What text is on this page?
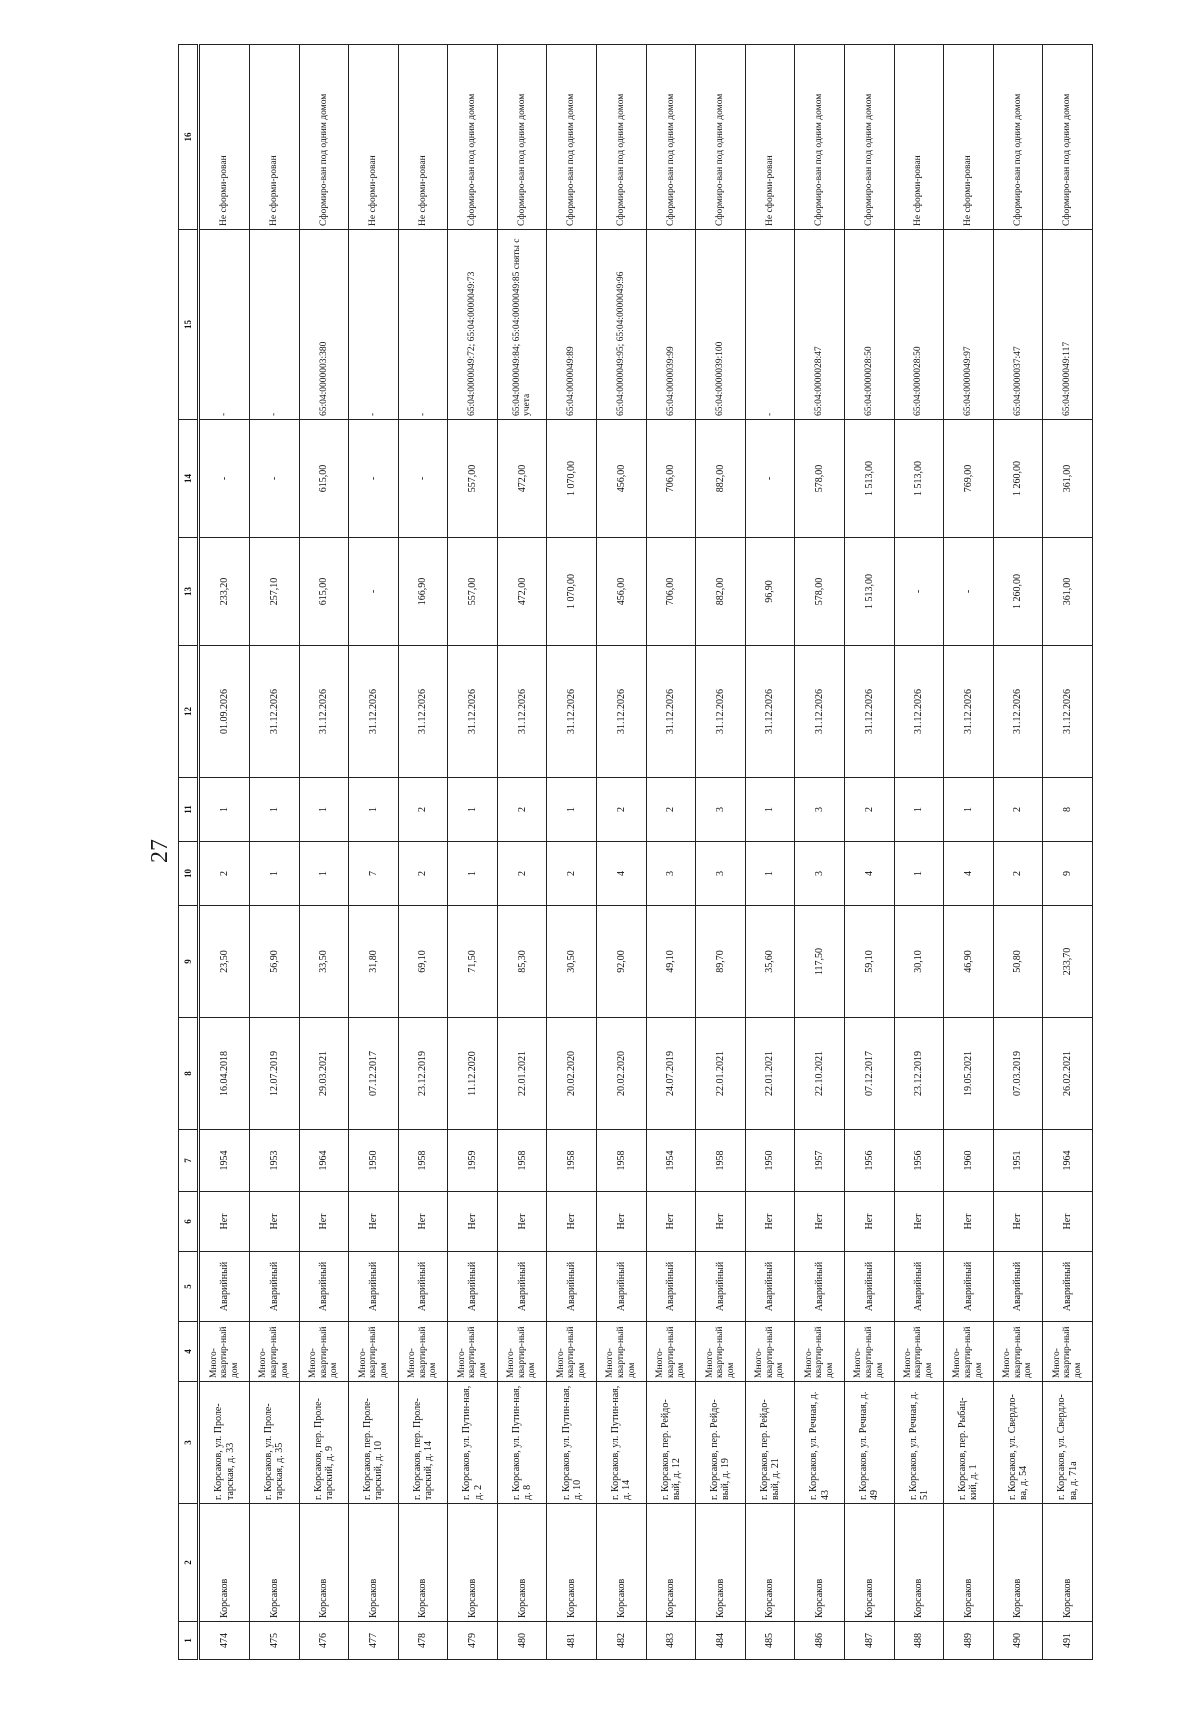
27
1	2	3	4	5	6	7	8	9	10	11	12	13	14	15	16
474	Корсаков	г. Корсаков, ул. Проле-тарская, д. 33	Много-квартир-ный дом	Аварийный	Нет	1954	16.04.2018	23,50	2	1	01.09.2026	233,20	-	-	Не сформи-рован
475	Корсаков	г. Корсаков, ул. Проле-тарская, д. 35	Много-квартир-ный дом	Аварийный	Нет	1953	12.07.2019	56,90	1	1	31.12.2026	257,10	-	-	Не сформи-рован
476	Корсаков	г. Корсаков, пер. Проле-тарский, д. 9	Много-квартир-ный дом	Аварийный	Нет	1964	29.03.2021	33,50	1	1	31.12.2026	615,00	615,00	65:04:0000003:380	Сформиро-ван под одним домом
477	Корсаков	г. Корсаков, пер. Проле-тарский, д. 10	Много-квартир-ный дом	Аварийный	Нет	1950	07.12.2017	31,80	7	1	31.12.2026	-	-	-	Не сформи-рован
478	Корсаков	г. Корсаков, пер. Проле-тарский, д. 14	Много-квартир-ный дом	Аварийный	Нет	1958	23.12.2019	69,10	2	2	31.12.2026	166,90	-	-	Не сформи-рован
479	Корсаков	г. Корсаков, ул. Путин-ная, д. 2	Много-квартир-ный дом	Аварийный	Нет	1959	11.12.2020	71,50	1	1	31.12.2026	557,00	557,00	65:04:0000049:72; 65:04:0000049:73	Сформиро-ван под одним домом
480	Корсаков	г. Корсаков, ул. Путин-ная, д. 8	Много-квартир-ный дом	Аварийный	Нет	1958	22.01.2021	85,30	2	2	31.12.2026	472,00	472,00	65:04:0000049:84; 65:04:0000049:85 сняты с учета	Сформиро-ван под одним домом
481	Корсаков	г. Корсаков, ул. Путин-ная, д. 10	Много-квартир-ный дом	Аварийный	Нет	1958	20.02.2020	30,50	2	1	31.12.2026	1 070,00	1 070,00	65:04:0000049:89	Сформиро-ван под одним домом
482	Корсаков	г. Корсаков, ул. Путин-ная, д. 14	Много-квартир-ный дом	Аварийный	Нет	1958	20.02.2020	92,00	4	2	31.12.2026	456,00	456,00	65:04:0000049:95; 65:04:0000049:96	Сформиро-ван под одним домом
483	Корсаков	г. Корсаков, пер. Рейдо-вый, д. 12	Много-квартир-ный дом	Аварийный	Нет	1954	24.07.2019	49,10	3	2	31.12.2026	706,00	706,00	65:04:0000039:99	Сформиро-ван под одним домом
484	Корсаков	г. Корсаков, пер. Рейдо-вый, д. 19	Много-квартир-ный дом	Аварийный	Нет	1958	22.01.2021	89,70	3	3	31.12.2026	882,00	882,00	65:04:0000039:100	Сформиро-ван под одним домом
485	Корсаков	г. Корсаков, пер. Рейдо-вый, д. 21	Много-квартир-ный дом	Аварийный	Нет	1950	22.01.2021	35,60	1	1	31.12.2026	96,90	-	-	Не сформи-рован
486	Корсаков	г. Корсаков, ул. Речная, д. 43	Много-квартир-ный дом	Аварийный	Нет	1957	22.10.2021	117,50	3	3	31.12.2026	578,00	578,00	65:04:0000028:47	Сформиро-ван под одним домом
487	Корсаков	г. Корсаков, ул. Речная, д. 49	Много-квартир-ный дом	Аварийный	Нет	1956	07.12.2017	59,10	4	2	31.12.2026	1 513,00	1 513,00	65:04:0000028:50	Сформиро-ван под одним домом
488	Корсаков	г. Корсаков, ул. Речная, д. 51	Много-квартир-ный дом	Аварийный	Нет	1956	23.12.2019	30,10	1	1	31.12.2026	-	1 513,00	65:04:0000028:50	Не сформи-рован
489	Корсаков	г. Корсаков, пер. Рыбац-кий, д. 1	Много-квартир-ный дом	Аварийный	Нет	1960	19.05.2021	46,90	4	1	31.12.2026	-	769,00	65:04:0000049:97	Не сформи-рован
490	Корсаков	г. Корсаков, ул. Свердло-ва, д. 54	Много-квартир-ный дом	Аварийный	Нет	1951	07.03.2019	50,80	2	2	31.12.2026	1 260,00	1 260,00	65:04:0000037:47	Сформиро-ван под одним домом
491	Корсаков	г. Корсаков, ул. Свердло-ва, д. 71а	Много-квартир-ный дом	Аварийный	Нет	1964	26.02.2021	233,70	9	8	31.12.2026	361,00	361,00	65:04:0000049:117	Сформиро-ван под одним домом
